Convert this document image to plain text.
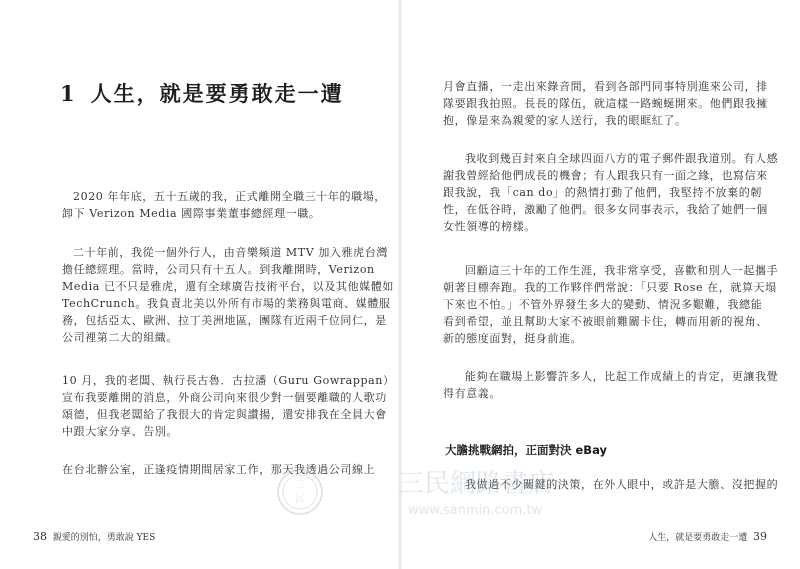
1 人生，就是要勇敢走一遭
2020 年年底，五十五歲的我，正式離開全職三十年的職場，
卸下 Verizon Media 國際事業董事總經理一職。
二十年前，我從一個外行人，由音樂頻道 MTV 加入雅虎台灣
擔任總經理。當時，公司只有十五人。到我離開時，Verizon
Media 已不只是雅虎，還有全球廣告技術平台，以及其他媒體如
TechCrunch。我負責北美以外所有市場的業務與電商、媒體服
務，包括亞太、歐洲、拉丁美洲地區，團隊有近兩千位同仁，是
公司裡第二大的組織。
10 月，我的老闆、執行長古魯．古拉潘（Guru Gowrappan）
宣布我要離開的消息，外商公司向來很少對一個要離職的人歌功
頌德，但我老闆給了我很大的肯定與讚揚，還安排我在全員大會
中跟大家分享、告別。
在台北辦公室，正逢疫情期間居家工作，那天我透過公司線上
38 親愛的別怕，勇敢說 YES
月會直播，一走出來錄音間，看到各部門同事特別進來公司，排
隊要跟我拍照。長長的隊伍，就這樣一路蜿蜒開來。他們跟我擁
抱，像是來為親愛的家人送行，我的眼眶紅了。
我收到幾百封來自全球四面八方的電子郵件跟我道別。有人感
謝我曾經給他們成長的機會；有人跟我只有一面之緣，也寫信來
跟我說，我「can do」的熱情打動了他們，我堅持不放棄的韌
性，在低谷時，激勵了他們。很多女同事表示，我給了她們一個
女性領導的榜樣。
回顧這三十年的工作生涯，我非常享受，喜歡和別人一起攜手
朝著目標奔跑。我的工作夥伴們常說：「只要 Rose 在，就算天塌
下來也不怕。」不管外界發生多大的變動、情況多艱難，我總能
看到希望，並且幫助大家不被眼前難關卡住，轉而用新的視角、
新的態度面對，挺身前進。
能夠在職場上影響許多人，比起工作成績上的肯定，更讓我覺
得有意義。
大膽挑戰網拍，正面對決 eBay
我做過不少關鍵的決策，在外人眼中，或許是大膽、沒把握的
人生，就是要勇敢走一遭 39
三
民
三民網路書店
www.sanmin.com.tw
